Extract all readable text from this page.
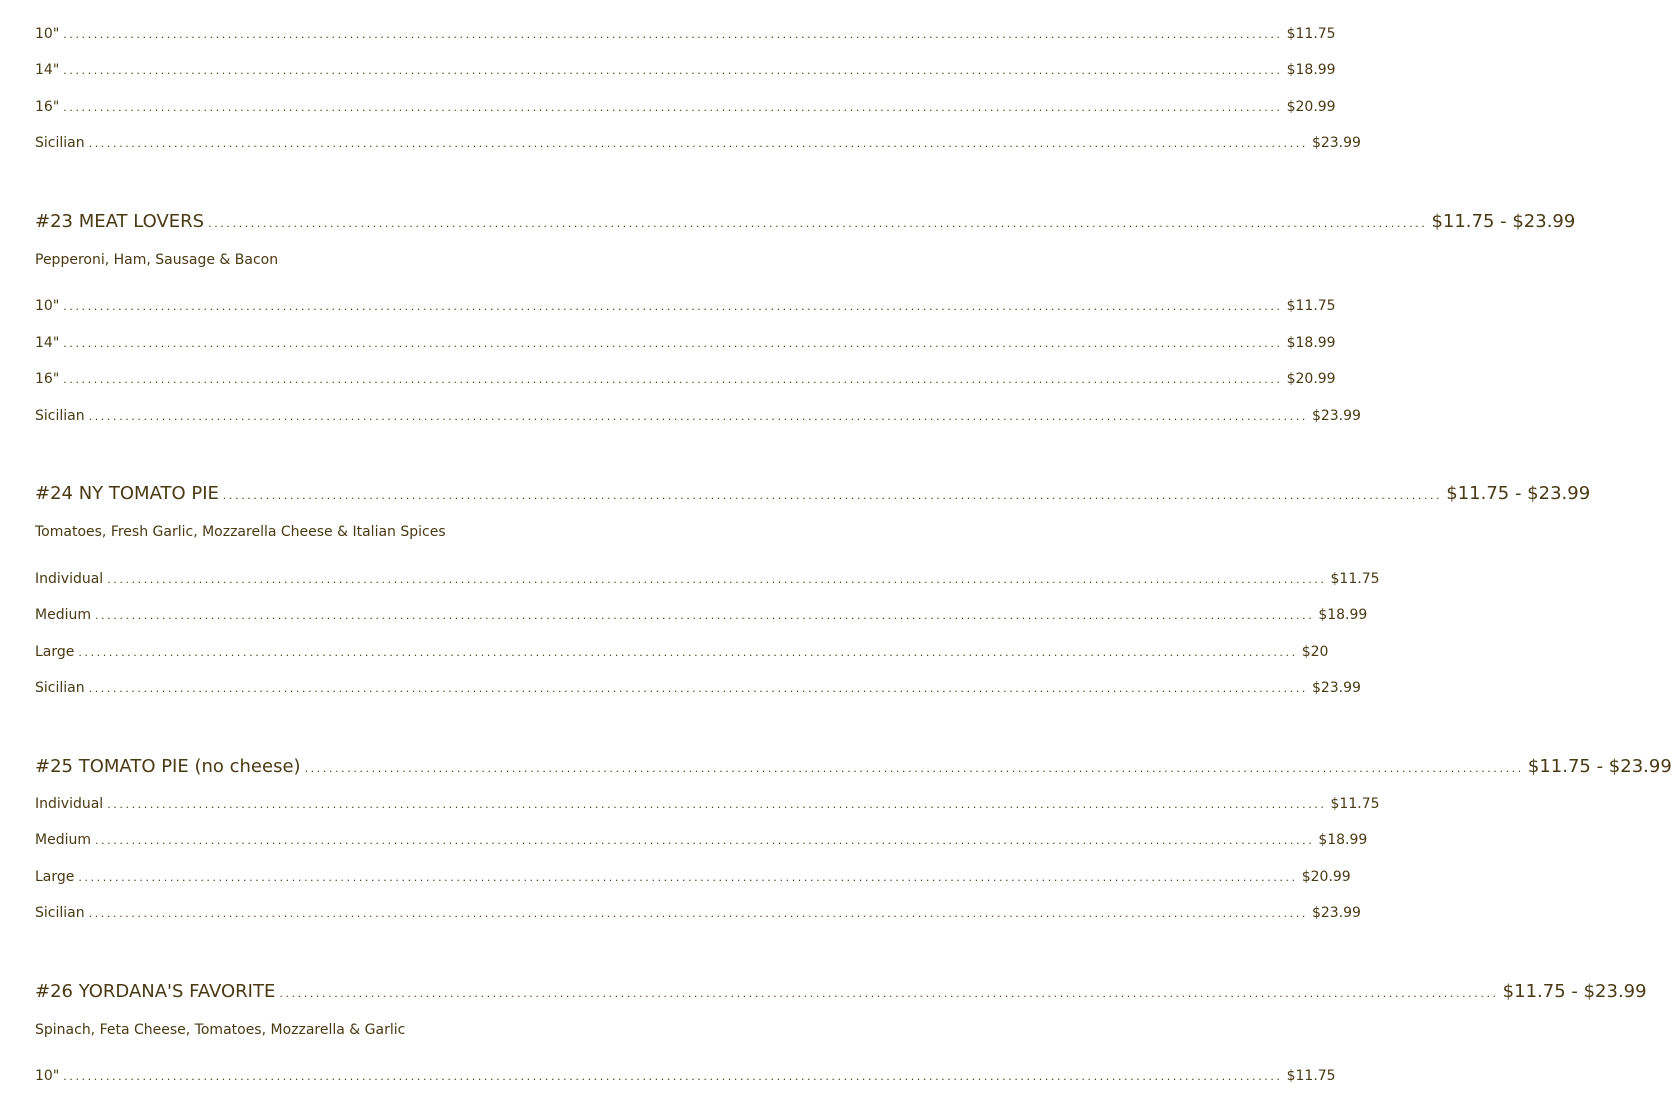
10" ........................................................................................................................................................................................................ $11.75
14" ........................................................................................................................................................................................................ $18.99
16" ........................................................................................................................................................................................................ $20.99
Sicilian ........................................................................................................................................................................................................ $23.99
#23 MEAT LOVERS ........................................................................................................................................................................................................ $11.75 - $23.99
Pepperoni, Ham, Sausage & Bacon
10" ........................................................................................................................................................................................................ $11.75
14" ........................................................................................................................................................................................................ $18.99
16" ........................................................................................................................................................................................................ $20.99
Sicilian ........................................................................................................................................................................................................ $23.99
#24 NY TOMATO PIE ........................................................................................................................................................................................................ $11.75 - $23.99
Tomatoes, Fresh Garlic, Mozzarella Cheese & Italian Spices
Individual ........................................................................................................................................................................................................ $11.75
Medium ........................................................................................................................................................................................................ $18.99
Large ........................................................................................................................................................................................................ $20
Sicilian ........................................................................................................................................................................................................ $23.99
#25 TOMATO PIE (no cheese) ........................................................................................................................................................................................................ $11.75 - $23.99
Individual ........................................................................................................................................................................................................ $11.75
Medium ........................................................................................................................................................................................................ $18.99
Large ........................................................................................................................................................................................................ $20.99
Sicilian ........................................................................................................................................................................................................ $23.99
#26 YORDANA'S FAVORITE ........................................................................................................................................................................................................ $11.75 - $23.99
Spinach, Feta Cheese, Tomatoes, Mozzarella & Garlic
10" ........................................................................................................................................................................................................ $11.75
